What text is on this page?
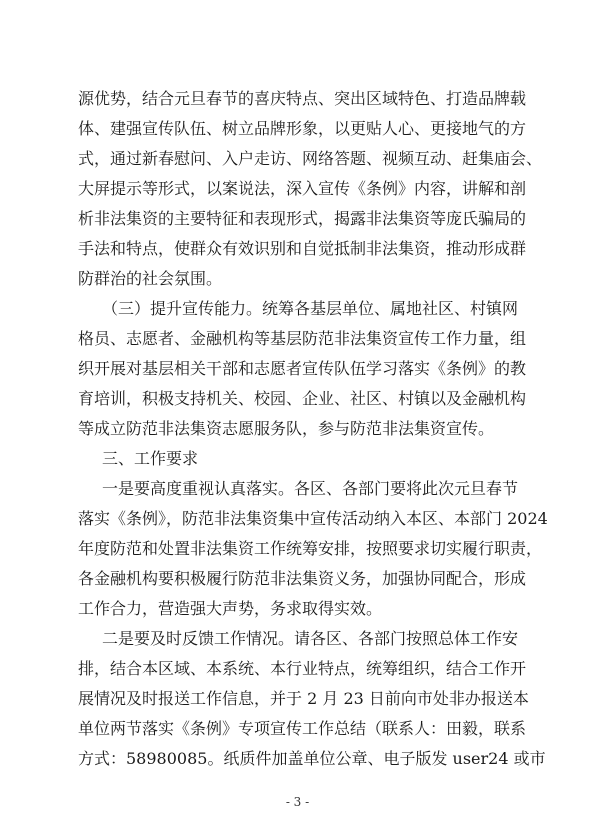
源优势，结合元旦春节的喜庆特点、突出区域特色、打造品牌载
体、建强宣传队伍、树立品牌形象，以更贴人心、更接地气的方
式，通过新春慰问、入户走访、网络答题、视频互动、赶集庙会、
大屏提示等形式，以案说法，深入宣传《条例》内容，讲解和剖
析非法集资的主要特征和表现形式，揭露非法集资等庞氏骗局的
手法和特点，使群众有效识别和自觉抵制非法集资，推动形成群
防群治的社会氛围。
（三）提升宣传能力。统筹各基层单位、属地社区、村镇网
格员、志愿者、金融机构等基层防范非法集资宣传工作力量，组
织开展对基层相关干部和志愿者宣传队伍学习落实《条例》的教
育培训，积极支持机关、校园、企业、社区、村镇以及金融机构
等成立防范非法集资志愿服务队，参与防范非法集资宣传。
三、工作要求
一是要高度重视认真落实。各区、各部门要将此次元旦春节
落实《条例》，防范非法集资集中宣传活动纳入本区、本部门 2024
年度防范和处置非法集资工作统筹安排，按照要求切实履行职责，
各金融机构要积极履行防范非法集资义务，加强协同配合，形成
工作合力，营造强大声势，务求取得实效。
二是要及时反馈工作情况。请各区、各部门按照总体工作安
排，结合本区域、本系统、本行业特点，统筹组织，结合工作开
展情况及时报送工作信息，并于 2 月 23 日前向市处非办报送本
单位两节落实《条例》专项宣传工作总结（联系人：田毅，联系
方式：58980085。纸质件加盖单位公章、电子版发 user24 或市
- 3 -
